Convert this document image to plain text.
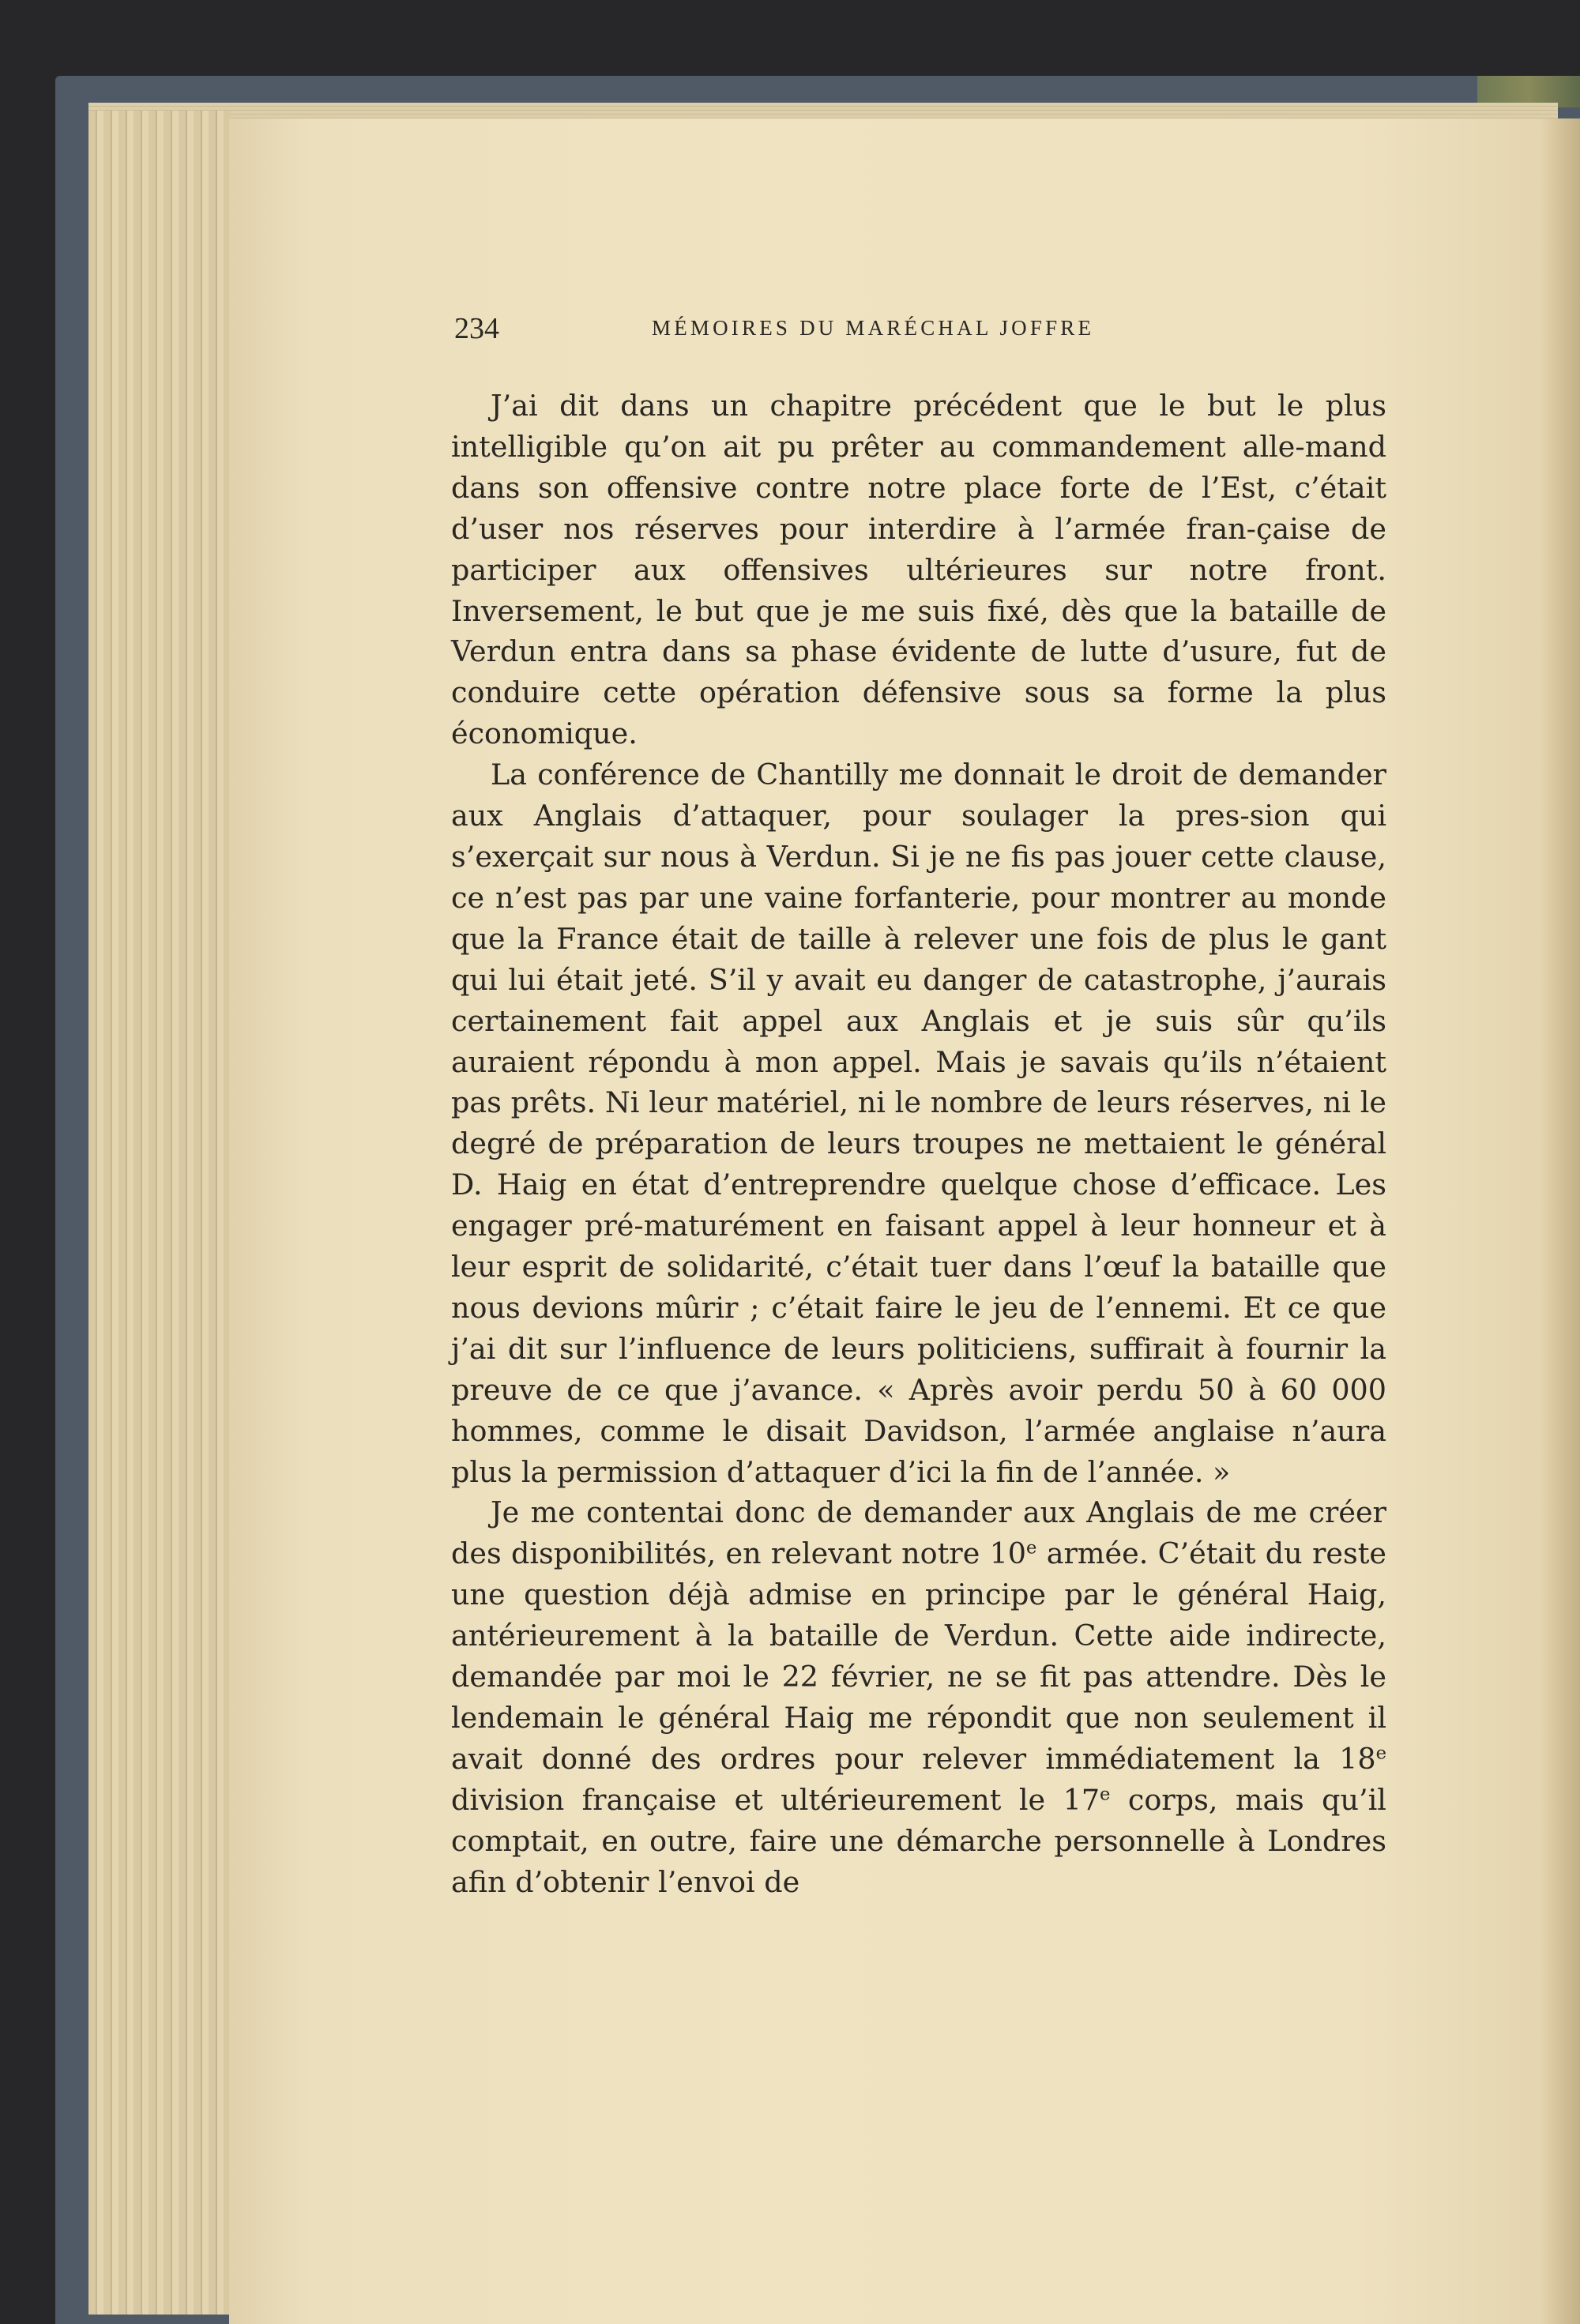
234	MÉMOIRES DU MARÉCHAL JOFFRE

J’ai dit dans un chapitre précédent que le but le plus intelligible qu’on ait pu prêter au commandement alle-mand dans son offensive contre notre place forte de l’Est, c’était d’user nos réserves pour interdire à l’armée fran-çaise de participer aux offensives ultérieures sur notre front. Inversement, le but que je me suis fixé, dès que la bataille de Verdun entra dans sa phase évidente de lutte d’usure, fut de conduire cette opération défensive sous sa forme la plus économique.

La conférence de Chantilly me donnait le droit de demander aux Anglais d’attaquer, pour soulager la pres-sion qui s’exerçait sur nous à Verdun. Si je ne fis pas jouer cette clause, ce n’est pas par une vaine forfanterie, pour montrer au monde que la France était de taille à relever une fois de plus le gant qui lui était jeté. S’il y avait eu danger de catastrophe, j’aurais certainement fait appel aux Anglais et je suis sûr qu’ils auraient répondu à mon appel. Mais je savais qu’ils n’étaient pas prêts. Ni leur matériel, ni le nombre de leurs réserves, ni le degré de préparation de leurs troupes ne mettaient le général D. Haig en état d’entreprendre quelque chose d’efficace. Les engager pré-maturément en faisant appel à leur honneur et à leur esprit de solidarité, c’était tuer dans l’œuf la bataille que nous devions mûrir ; c’était faire le jeu de l’ennemi. Et ce que j’ai dit sur l’influence de leurs politiciens, suffirait à fournir la preuve de ce que j’avance. « Après avoir perdu 50 à 60 000 hommes, comme le disait Davidson, l’armée anglaise n’aura plus la permission d’attaquer d’ici la fin de l’année. »

Je me contentai donc de demander aux Anglais de me créer des disponibilités, en relevant notre 10e armée. C’était du reste une question déjà admise en principe par le général Haig, antérieurement à la bataille de Verdun. Cette aide indirecte, demandée par moi le 22 février, ne se fit pas attendre. Dès le lendemain le général Haig me répondit que non seulement il avait donné des ordres pour relever immédiatement la 18e division française et ultérieurement le 17e corps, mais qu’il comptait, en outre, faire une démarche personnelle à Londres afin d’obtenir l’envoi de
